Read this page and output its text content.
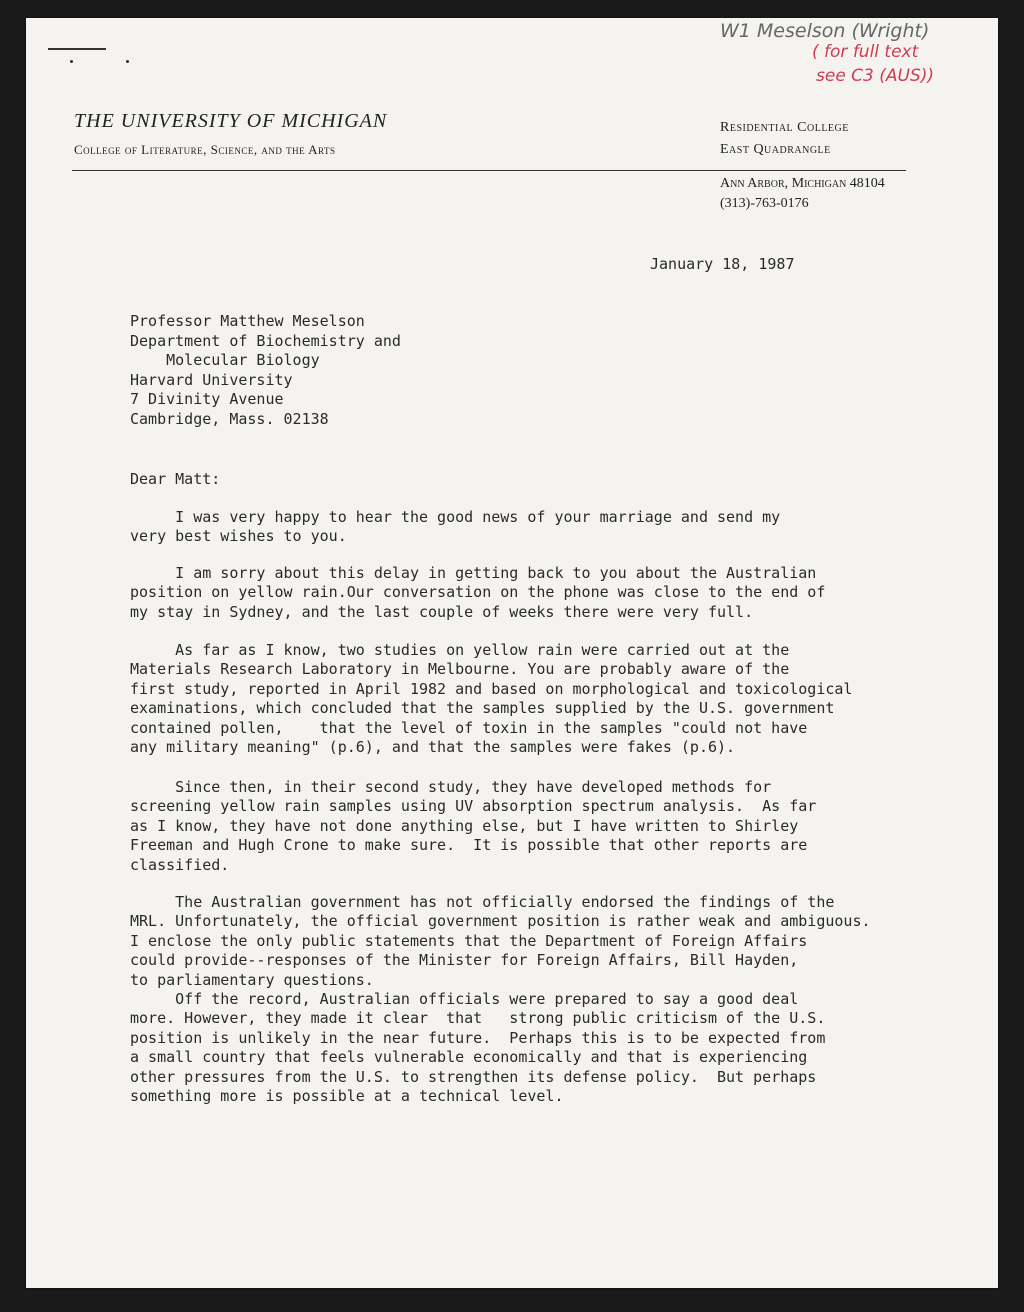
W1 Meselson (Wright)
( for full text
see C3 (AUS))
THE UNIVERSITY OF MICHIGAN
College of Literature, Science, and the Arts
Residential College
East Quadrangle
Ann Arbor, Michigan 48104
(313)-763-0176
January 18, 1987
Professor Matthew Meselson
Department of Biochemistry and
Molecular Biology
Harvard University
7 Divinity Avenue
Cambridge, Mass. 02138
Dear Matt:
I was very happy to hear the good news of your marriage and send my
very best wishes to you.
I am sorry about this delay in getting back to you about the Australian
position on yellow rain.Our conversation on the phone was close to the end of
my stay in Sydney, and the last couple of weeks there were very full.
As far as I know, two studies on yellow rain were carried out at the
Materials Research Laboratory in Melbourne. You are probably aware of the
first study, reported in April 1982 and based on morphological and toxicological
examinations, which concluded that the samples supplied by the U.S. government
contained pollen,    that the level of toxin in the samples "could not have
any military meaning" (p.6), and that the samples were fakes (p.6).
Since then, in their second study, they have developed methods for
screening yellow rain samples using UV absorption spectrum analysis.  As far
as I know, they have not done anything else, but I have written to Shirley
Freeman and Hugh Crone to make sure.  It is possible that other reports are
classified.
The Australian government has not officially endorsed the findings of the
MRL. Unfortunately, the official government position is rather weak and ambiguous.
I enclose the only public statements that the Department of Foreign Affairs
could provide--responses of the Minister for Foreign Affairs, Bill Hayden,
to parliamentary questions.
Off the record, Australian officials were prepared to say a good deal
more. However, they made it clear  that   strong public criticism of the U.S.
position is unlikely in the near future.  Perhaps this is to be expected from
a small country that feels vulnerable economically and that is experiencing
other pressures from the U.S. to strengthen its defense policy.  But perhaps
something more is possible at a technical level.
